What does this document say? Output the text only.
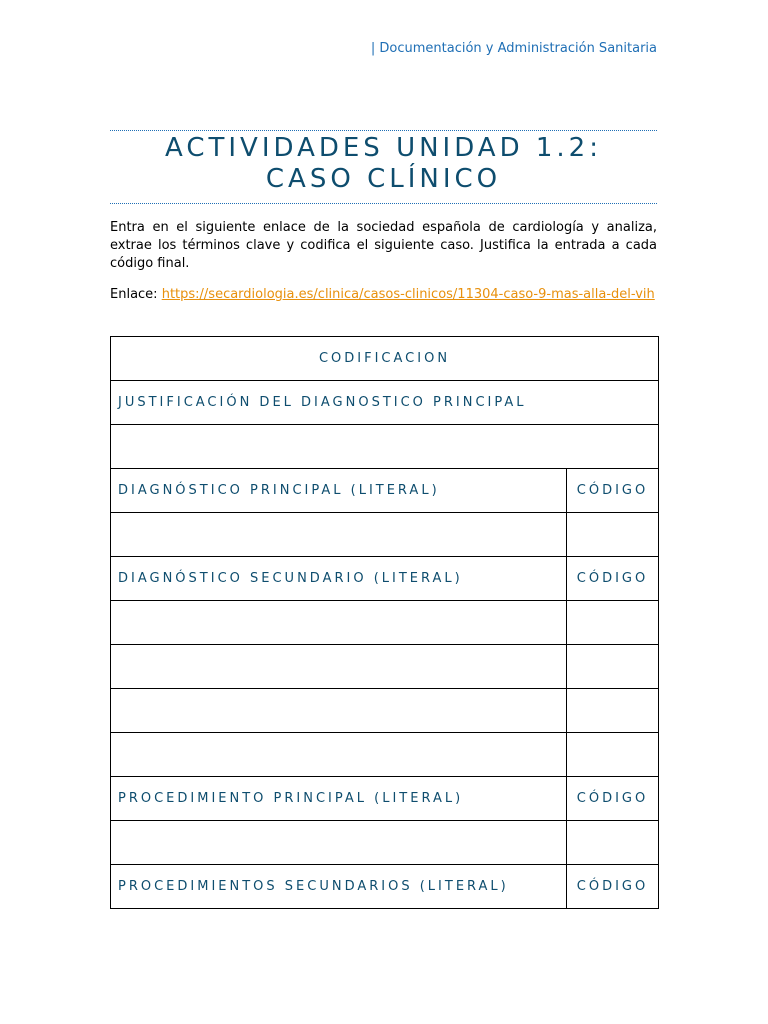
| Documentación y Administración Sanitaria
ACTIVIDADES UNIDAD 1.2:
CASO CLÍNICO
Entra en el siguiente enlace de la sociedad española de cardiología y analiza, extrae los términos clave y codifica el siguiente caso. Justifica la entrada a cada código final.
Enlace: https://secardiologia.es/clinica/casos-clinicos/11304-caso-9-mas-alla-del-vih
CODIFICACION	
JUSTIFICACIÓN DEL DIAGNOSTICO PRINCIPAL	

DIAGNÓSTICO PRINCIPAL (LITERAL)	CÓDIGO

DIAGNÓSTICO SECUNDARIO (LITERAL)	CÓDIGO

PROCEDIMIENTO PRINCIPAL (LITERAL)	CÓDIGO

PROCEDIMIENTOS SECUNDARIOS (LITERAL)	CÓDIGO
